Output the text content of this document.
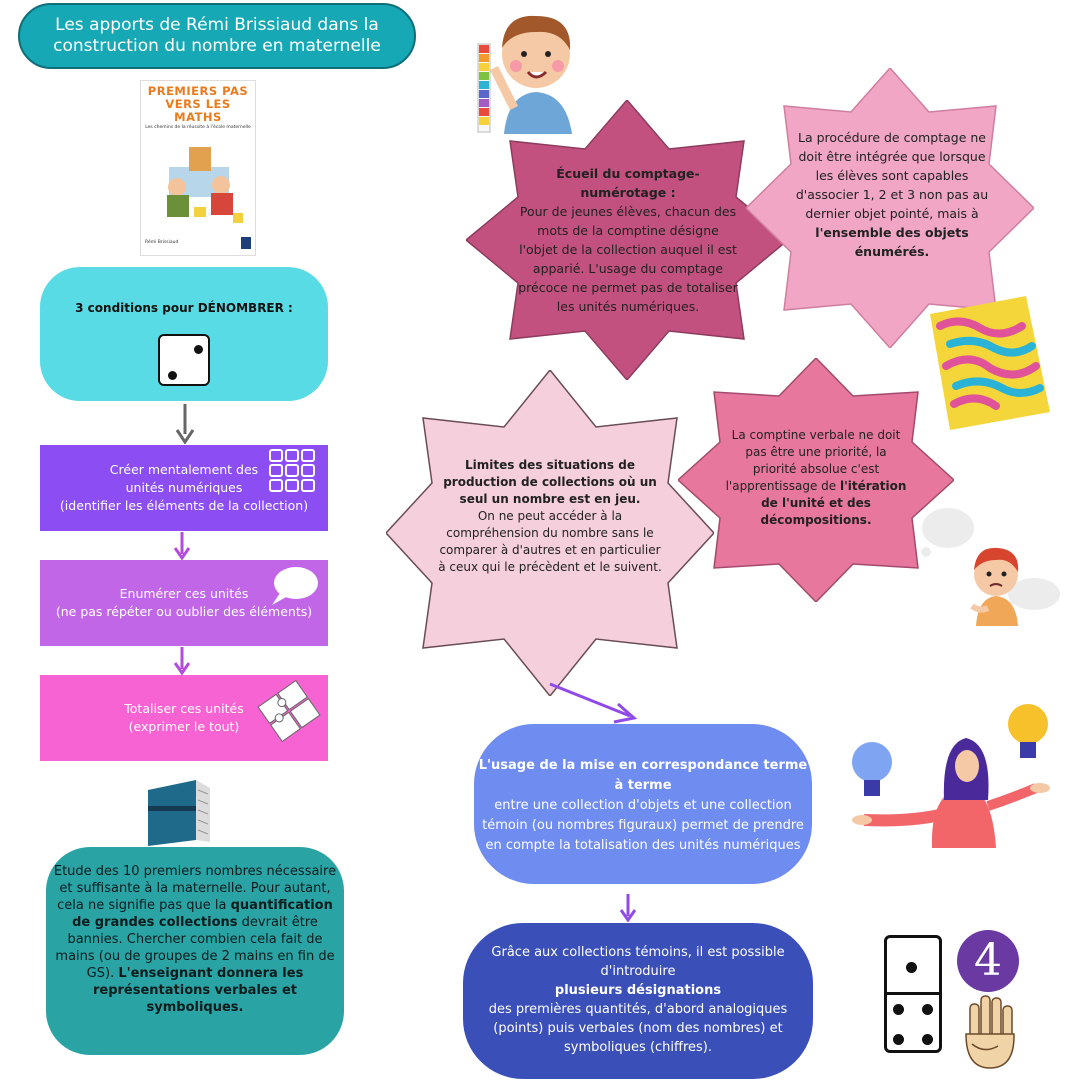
Les apports de Rémi Brissiaud dans la construction du nombre en maternelle
PREMIERS PAS
VERS LES MATHS
Les chemins de la réussite à l'école maternelle
Rémi Brissiaud
3 conditions pour DÉNOMBRER :
Créer mentalement des
unités numériques
(identifier les éléments de la collection)
Enumérer ces unités
(ne pas répéter ou oublier des éléments)
Totaliser ces unités
(exprimer le tout)
Etude des 10 premiers nombres nécessaire et suffisante à la maternelle. Pour autant, cela ne signifie pas que la quantification de grandes collections devrait être bannies. Chercher combien cela fait de mains (ou de groupes de 2 mains en fin de GS). L'enseignant donnera les représentations verbales et symboliques.
Écueil du comptage-numérotage :
Pour de jeunes élèves, chacun des mots de la comptine désigne l'objet de la collection auquel il est apparié. L'usage du comptage précoce ne permet pas de totaliser les unités numériques.
La procédure de comptage ne doit être intégrée que lorsque les élèves sont capables d'associer 1, 2 et 3 non pas au dernier objet pointé, mais à l'ensemble des objets énumérés.
Limites des situations de production de collections où un seul un nombre est en jeu.
On ne peut accéder à la compréhension du nombre sans le comparer à d'autres et en particulier à ceux qui le précèdent et le suivent.
La comptine verbale ne doit pas être une priorité, la priorité absolue c'est l'apprentissage de l'itération de l'unité et des décompositions.
L'usage de la mise en correspondance terme à terme
entre une collection d'objets et une collection témoin (ou nombres figuraux) permet de prendre en compte la totalisation des unités numériques
Grâce aux collections témoins, il est possible d'introduire
plusieurs désignations
des premières quantités, d'abord analogiques (points) puis verbales (nom des nombres) et symboliques (chiffres).
4
